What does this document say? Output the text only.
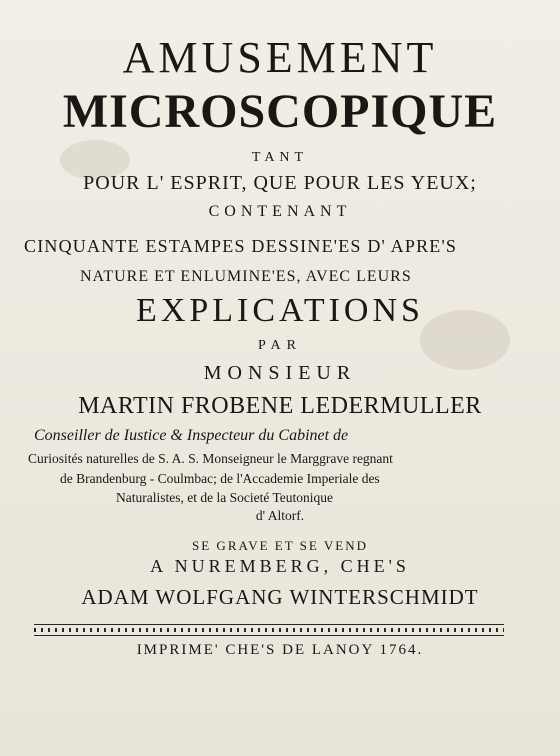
AMUSEMENT
MICROSCOPIQUE
TANT
POUR L' ESPRIT, QUE POUR LES YEUX;
CONTENANT
CINQUANTE ESTAMPES DESSINE'ES D' APRE'S
NATURE ET ENLUMINE'ES, AVEC LEURS
EXPLICATIONS
PAR
MONSIEUR
MARTIN FROBENE LEDERMULLER
Conseiller de Iustice & Inspecteur du Cabinet de
Curiosités naturelles de S. A. S. Monseigneur le Marggrave regnant
de Brandenburg - Coulmbac; de l'Accademie Imperiale des
Naturalistes, et de la Societé Teutonique
d' Altorf.
SE GRAVE ET SE VEND
A NUREMBERG, CHE'S
ADAM WOLFGANG WINTERSCHMIDT
IMPRIME' CHE'S DE LANOY 1764.
